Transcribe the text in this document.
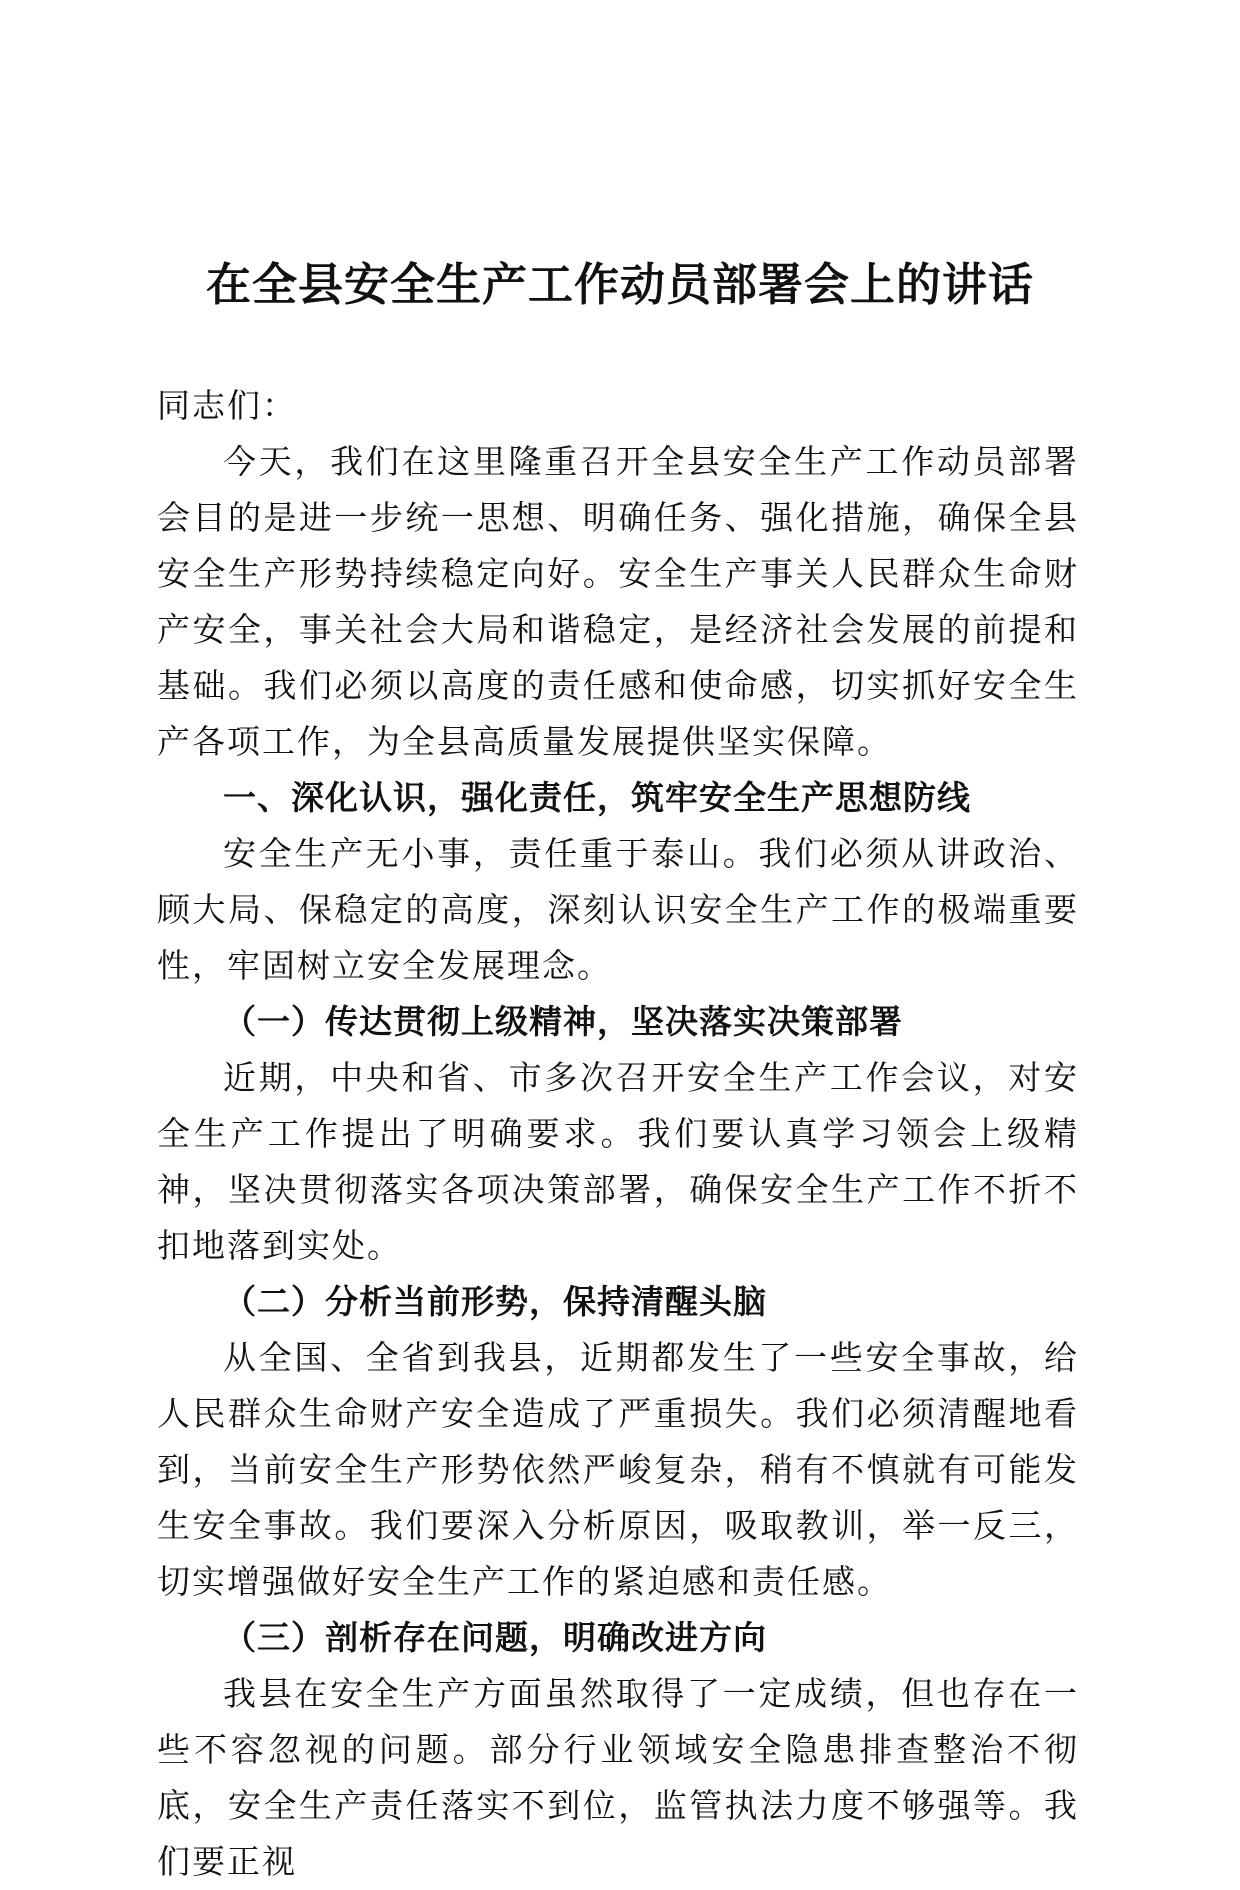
在全县安全生产工作动员部署会上的讲话

同志们：

今天，我们在这里隆重召开全县安全生产工作动员部署会目的是进一步统一思想、明确任务、强化措施，确保全县安全生产形势持续稳定向好。安全生产事关人民群众生命财产安全，事关社会大局和谐稳定，是经济社会发展的前提和基础。我们必须以高度的责任感和使命感，切实抓好安全生产各项工作，为全县高质量发展提供坚实保障。

一、深化认识，强化责任，筑牢安全生产思想防线

安全生产无小事，责任重于泰山。我们必须从讲政治、顾大局、保稳定的高度，深刻认识安全生产工作的极端重要性，牢固树立安全发展理念。

（一）传达贯彻上级精神，坚决落实决策部署

近期，中央和省、市多次召开安全生产工作会议，对安全生产工作提出了明确要求。我们要认真学习领会上级精神，坚决贯彻落实各项决策部署，确保安全生产工作不折不扣地落到实处。

（二）分析当前形势，保持清醒头脑

从全国、全省到我县，近期都发生了一些安全事故，给人民群众生命财产安全造成了严重损失。我们必须清醒地看到，当前安全生产形势依然严峻复杂，稍有不慎就有可能发生安全事故。我们要深入分析原因，吸取教训，举一反三，切实增强做好安全生产工作的紧迫感和责任感。

（三）剖析存在问题，明确改进方向

我县在安全生产方面虽然取得了一定成绩，但也存在一些不容忽视的问题。部分行业领域安全隐患排查整治不彻底，安全生产责任落实不到位，监管执法力度不够强等。我们要正视
